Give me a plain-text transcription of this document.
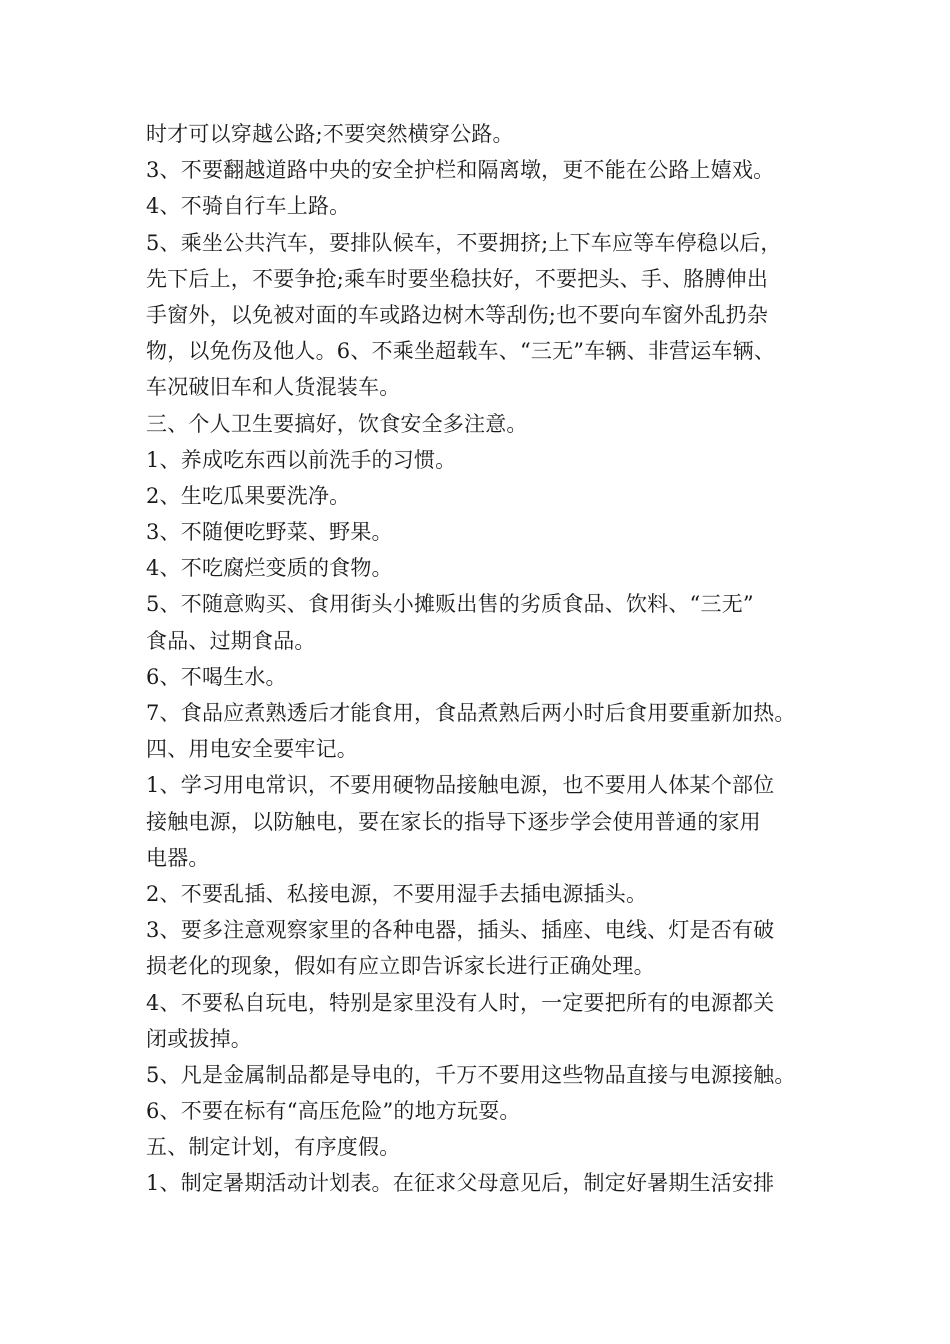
时才可以穿越公路;不要突然横穿公路。
3、不要翻越道路中央的安全护栏和隔离墩，更不能在公路上嬉戏。
4、不骑自行车上路。
5、乘坐公共汽车，要排队候车，不要拥挤;上下车应等车停稳以后，
先下后上，不要争抢;乘车时要坐稳扶好，不要把头、手、胳膊伸出
手窗外，以免被对面的车或路边树木等刮伤;也不要向车窗外乱扔杂
物，以免伤及他人。6、不乘坐超载车、“三无”车辆、非营运车辆、
车况破旧车和人货混装车。
三、个人卫生要搞好，饮食安全多注意。
1、养成吃东西以前洗手的习惯。
2、生吃瓜果要洗净。
3、不随便吃野菜、野果。
4、不吃腐烂变质的食物。
5、不随意购买、食用街头小摊贩出售的劣质食品、饮料、“三无”
食品、过期食品。
6、不喝生水。
7、食品应煮熟透后才能食用，食品煮熟后两小时后食用要重新加热。
四、用电安全要牢记。
1、学习用电常识，不要用硬物品接触电源，也不要用人体某个部位
接触电源，以防触电，要在家长的指导下逐步学会使用普通的家用
电器。
2、不要乱插、私接电源，不要用湿手去插电源插头。
3、要多注意观察家里的各种电器，插头、插座、电线、灯是否有破
损老化的现象，假如有应立即告诉家长进行正确处理。
4、不要私自玩电，特别是家里没有人时，一定要把所有的电源都关
闭或拔掉。
5、凡是金属制品都是导电的，千万不要用这些物品直接与电源接触。
6、不要在标有“高压危险”的地方玩耍。
五、制定计划，有序度假。
1、制定暑期活动计划表。在征求父母意见后，制定好暑期生活安排
